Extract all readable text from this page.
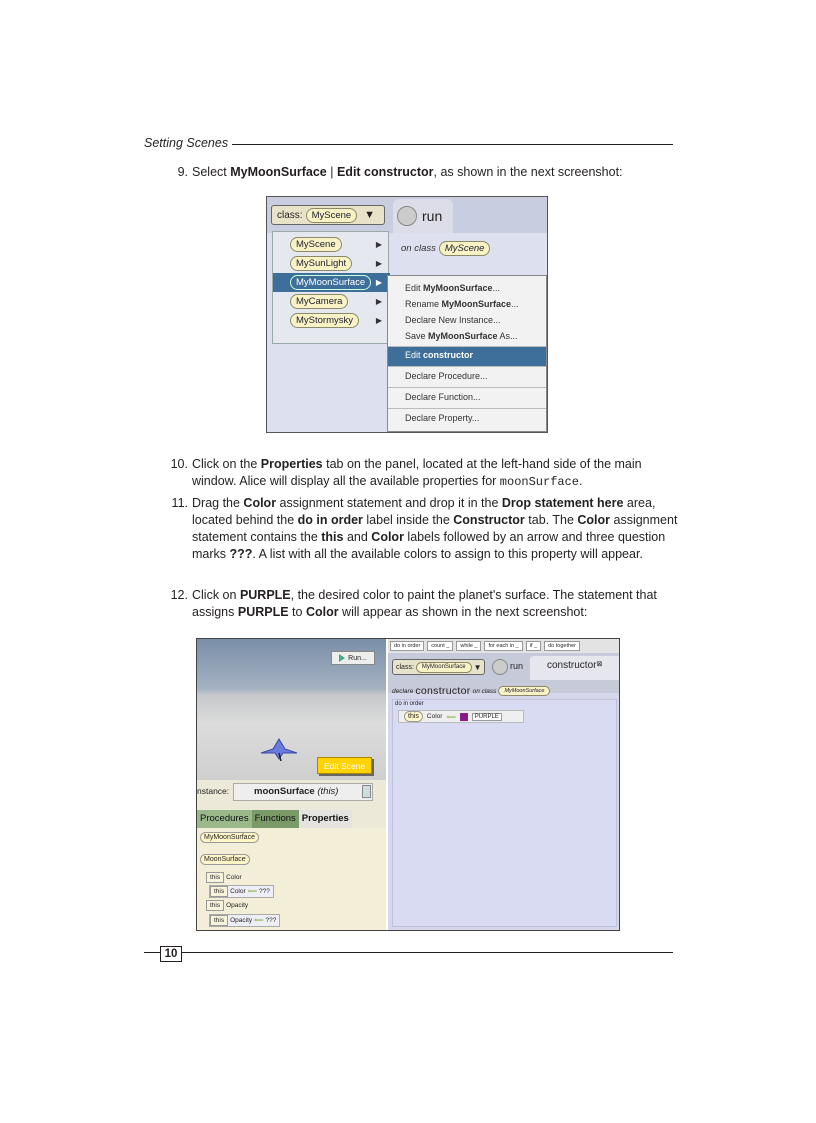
Setting Scenes
9. Select MyMoonSurface | Edit constructor, as shown in the next screenshot:
class: MyScene	▼	run
on class MyScene
MyScene	▶
MySunLight	▶
MyMoonSurface	▶
MyCamera	▶
MyStormysky	▶
Edit MyMoonSurface...
Rename MyMoonSurface...
Declare New Instance...
Save MyMoonSurface As...
Edit constructor
Declare Procedure...
Declare Function...
Declare Property...
10. Click on the Properties tab on the panel, located at the left-hand side of the main window. Alice will display all the available properties for moonSurface.
11. Drag the Color assignment statement and drop it in the Drop statement here area, located behind the do in order label inside the Constructor tab. The Color assignment statement contains the this and Color labels followed by an arrow and three question marks ???. A list with all the available colors to assign to this property will appear.
12. Click on PURPLE, the desired color to paint the planet's surface. The statement that assigns PURPLE to Color will appear as shown in the next screenshot:
Run...
Edit Scene
nstance:	moonSurface (this)
Procedures Functions Properties
MyMoonSurface
MoonSurface
this Color
this Color ⟸ ???
this Opacity
this Opacity ⟸ ???
do in order	count _	while _	for each in _	if _	do together
class:	MyMoonSurface	▼	run	constructor⊠
declare constructor on class	MyMoonSurface
do in order
this	Color ⟸	PURPLE
10
